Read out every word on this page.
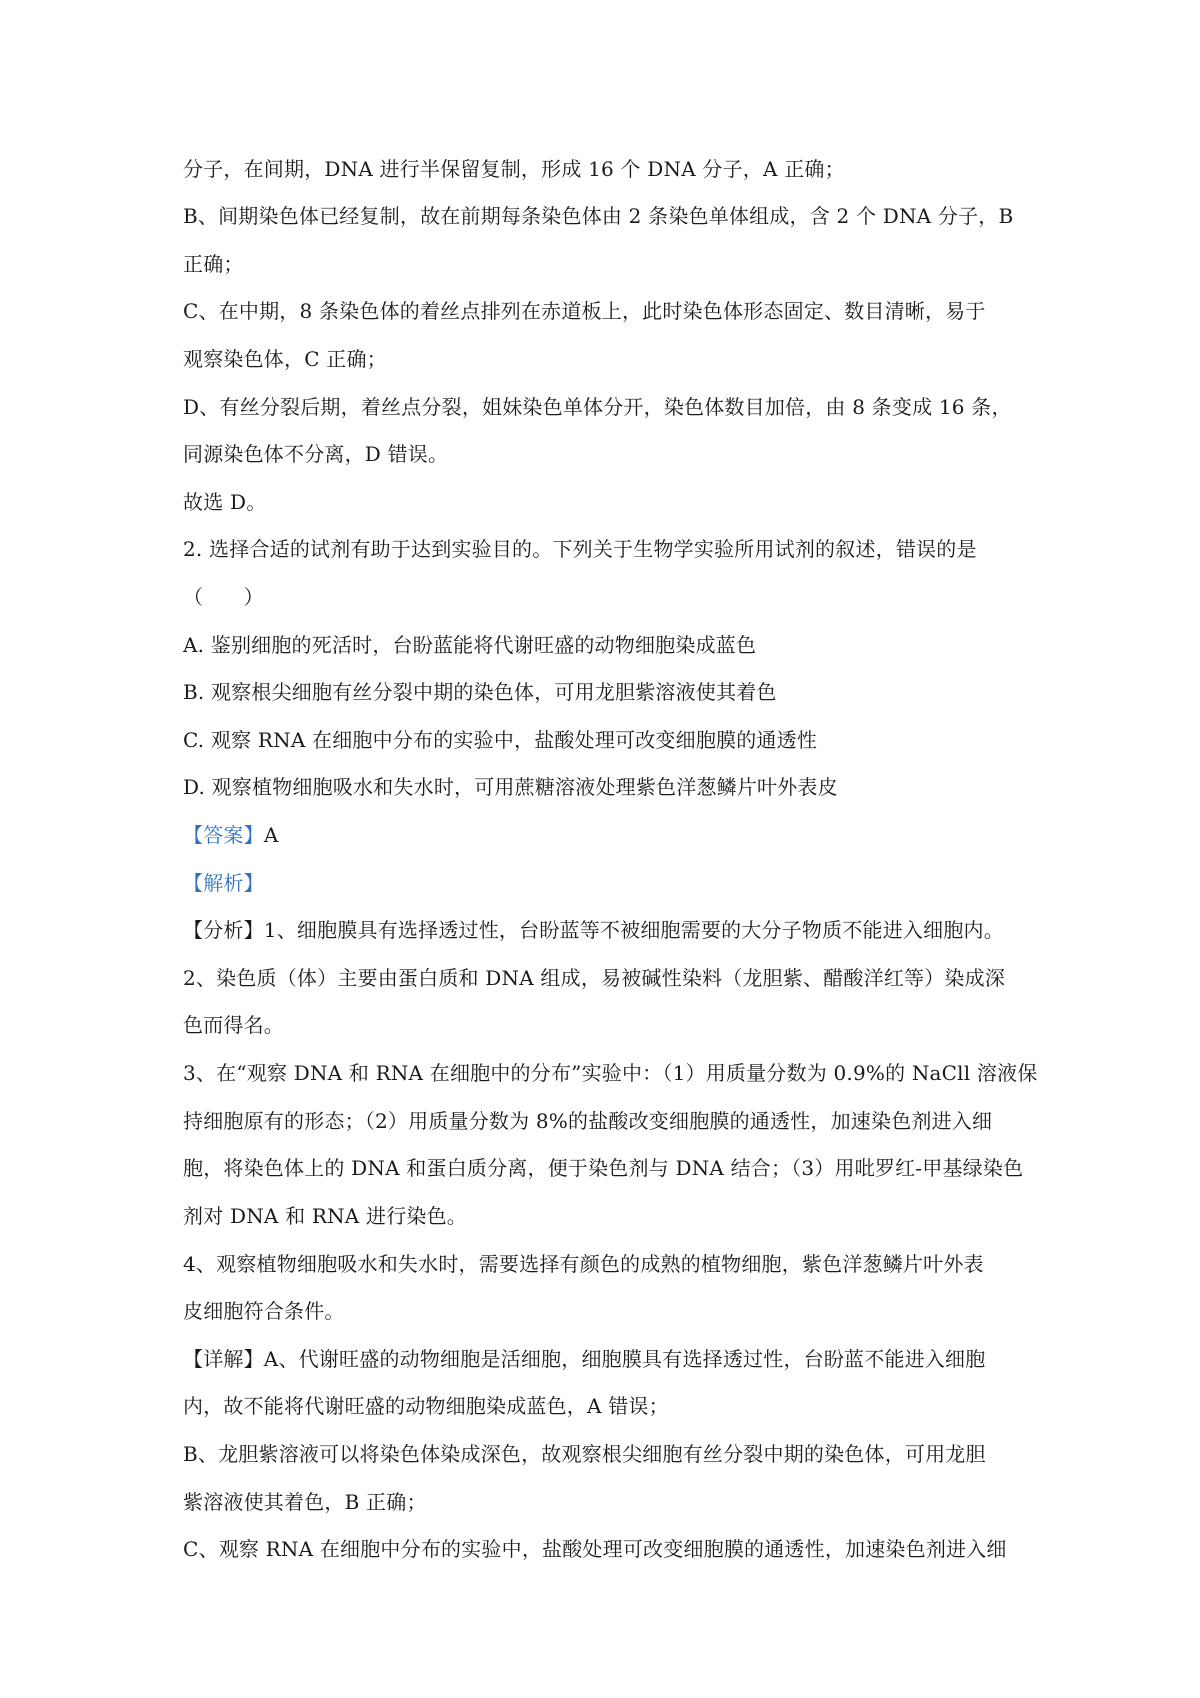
分子，在间期，DNA 进行半保留复制，形成 16 个 DNA 分子，A 正确；
B、间期染色体已经复制，故在前期每条染色体由 2 条染色单体组成，含 2 个 DNA 分子，B
正确；
C、在中期，8 条染色体的着丝点排列在赤道板上，此时染色体形态固定、数目清晰，易于
观察染色体，C 正确；
D、有丝分裂后期，着丝点分裂，姐妹染色单体分开，染色体数目加倍，由 8 条变成 16 条，
同源染色体不分离，D 错误。
故选 D。
2. 选择合适的试剂有助于达到实验目的。下列关于生物学实验所用试剂的叙述，错误的是
（　　）
A. 鉴别细胞的死活时，台盼蓝能将代谢旺盛的动物细胞染成蓝色
B. 观察根尖细胞有丝分裂中期的染色体，可用龙胆紫溶液使其着色
C. 观察 RNA 在细胞中分布的实验中，盐酸处理可改变细胞膜的通透性
D. 观察植物细胞吸水和失水时，可用蔗糖溶液处理紫色洋葱鳞片叶外表皮
【答案】A
【解析】
【分析】1、细胞膜具有选择透过性，台盼蓝等不被细胞需要的大分子物质不能进入细胞内。
2、染色质（体）主要由蛋白质和 DNA 组成，易被碱性染料（龙胆紫、醋酸洋红等）染成深
色而得名。
3、在“观察 DNA 和 RNA 在细胞中的分布”实验中：（1）用质量分数为 0.9%的 NaCll 溶液保
持细胞原有的形态；（2）用质量分数为 8%的盐酸改变细胞膜的通透性，加速染色剂进入细
胞，将染色体上的 DNA 和蛋白质分离，便于染色剂与 DNA 结合；（3）用吡罗红-甲基绿染色
剂对 DNA 和 RNA 进行染色。
4、观察植物细胞吸水和失水时，需要选择有颜色的成熟的植物细胞，紫色洋葱鳞片叶外表
皮细胞符合条件。
【详解】A、代谢旺盛的动物细胞是活细胞，细胞膜具有选择透过性，台盼蓝不能进入细胞
内，故不能将代谢旺盛的动物细胞染成蓝色，A 错误；
B、龙胆紫溶液可以将染色体染成深色，故观察根尖细胞有丝分裂中期的染色体，可用龙胆
紫溶液使其着色，B 正确；
C、观察 RNA 在细胞中分布的实验中，盐酸处理可改变细胞膜的通透性，加速染色剂进入细
